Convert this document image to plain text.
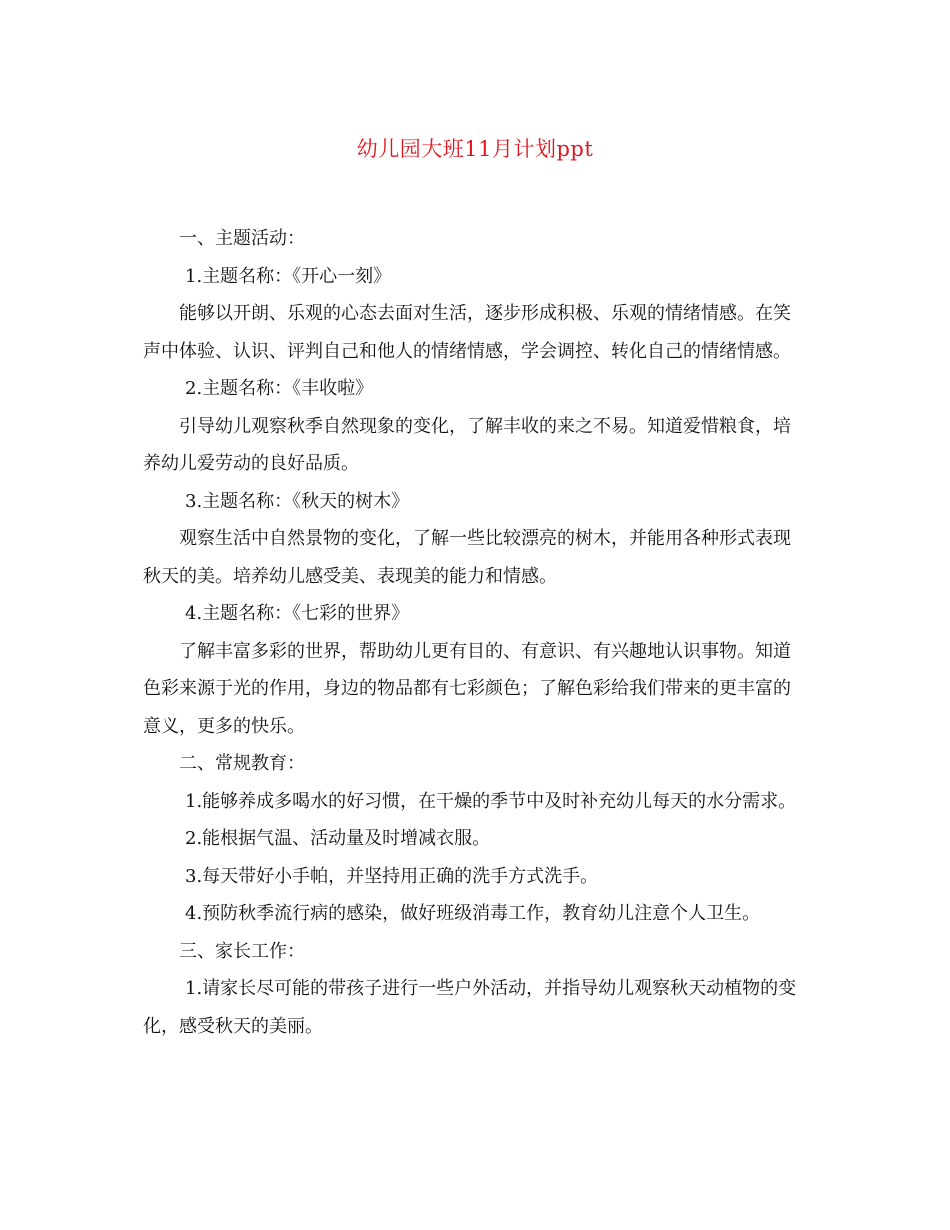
幼儿园大班11月计划ppt

一、主题活动：

1.主题名称：《开心一刻》

能够以开朗、乐观的心态去面对生活，逐步形成积极、乐观的情绪情感。在笑声中体验、认识、评判自己和他人的情绪情感，学会调控、转化自己的情绪情感。

2.主题名称：《丰收啦》

引导幼儿观察秋季自然现象的变化，了解丰收的来之不易。知道爱惜粮食，培养幼儿爱劳动的良好品质。

3.主题名称：《秋天的树木》

观察生活中自然景物的变化，了解一些比较漂亮的树木，并能用各种形式表现秋天的美。培养幼儿感受美、表现美的能力和情感。

4.主题名称：《七彩的世界》

了解丰富多彩的世界，帮助幼儿更有目的、有意识、有兴趣地认识事物。知道色彩来源于光的作用，身边的物品都有七彩颜色；了解色彩给我们带来的更丰富的意义，更多的快乐。

二、常规教育：

1.能够养成多喝水的好习惯，在干燥的季节中及时补充幼儿每天的水分需求。

2.能根据气温、活动量及时增减衣服。

3.每天带好小手帕，并坚持用正确的洗手方式洗手。

4.预防秋季流行病的感染，做好班级消毒工作，教育幼儿注意个人卫生。

三、家长工作：

1.请家长尽可能的带孩子进行一些户外活动，并指导幼儿观察秋天动植物的变化，感受秋天的美丽。
